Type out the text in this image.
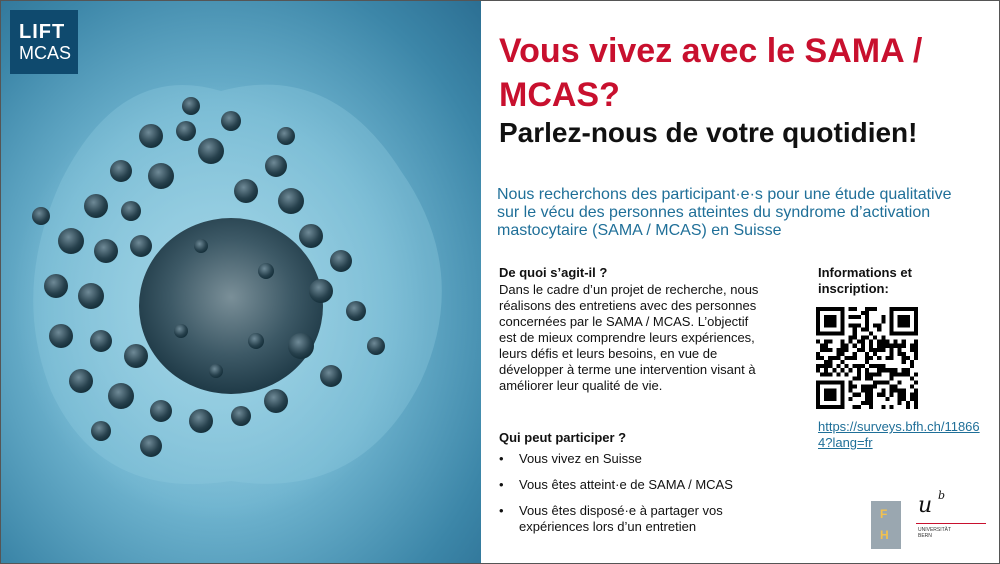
LIFT
MCAS	Vous vivez avec le SAMA / MCAS?
Parlez-nous de votre quotidien!
Nous recherchons des participant·e·s pour une étude qualitative sur le vécu des personnes atteintes du syndrome d’activation mastocytaire (SAMA / MCAS) en Suisse
De quoi s’agit-il ?
Dans le cadre d’un projet de recherche, nous réalisons des entretiens avec des personnes concernées par le SAMA / MCAS. L’objectif est de mieux comprendre leurs expériences, leurs défis et leurs besoins, en vue de développer à terme une intervention visant à améliorer leur qualité de vie.
Qui peut participer ?
• Vous vivez en Suisse
• Vous êtes atteint·e de SAMA / MCAS
• Vous êtes disposé·e à partager vos expériences lors d’un entretien
Informations et inscription:
https://surveys.bfh.ch/118664?lang=fr
F
H
u b
UNIVERSITÄT
BERN
